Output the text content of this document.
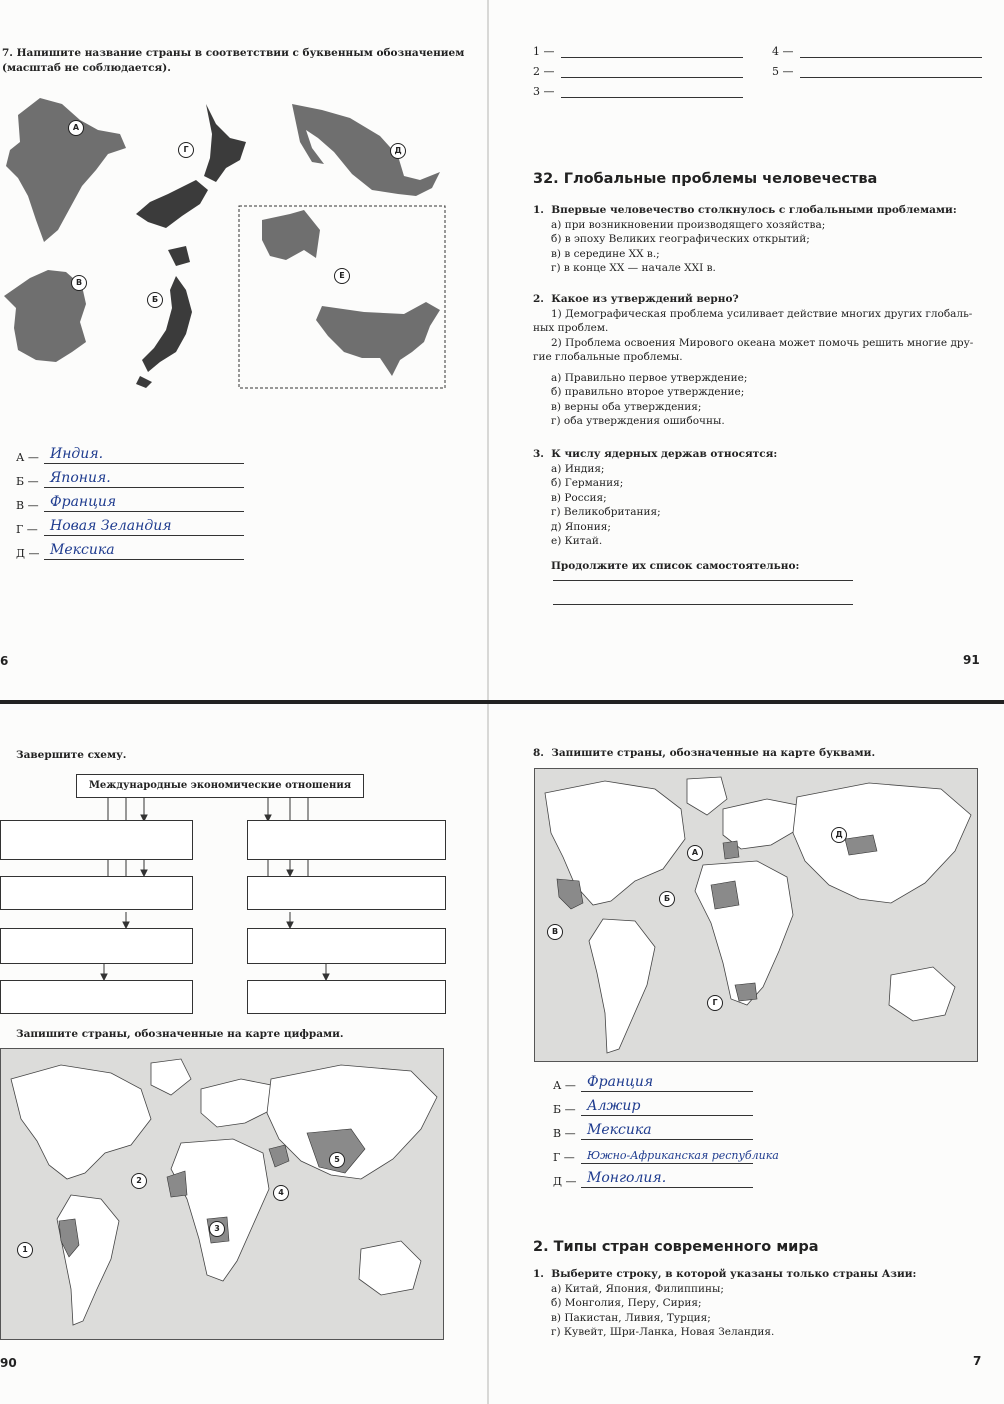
7. Напишите название страны в соответствии с буквенным обозначением (масштаб не соблюдается).
А
Г	Д
В
Б
Е
А — Индия.
Б — Япония.
В — Франция
Г — Новая Зеландия
Д — Мексика
6
1 —
2 —
3 —
4 —
5 —
32. Глобальные проблемы человечества
1. Впервые человечество столкнулось с глобальными проблемами:
а) при возникновении производящего хозяйства;
б) в эпоху Великих географических открытий;
в) в середине XX в.;
г) в конце XX — начале XXI в.
2. Какое из утверждений верно?
1) Демографическая проблема усиливает действие многих других глобаль-
ных проблем.
2) Проблема освоения Мирового океана может помочь решить многие дру-
гие глобальные проблемы.
а) Правильно первое утверждение;
б) правильно второе утверждение;
в) верны оба утверждения;
г) оба утверждения ошибочны.
3. К числу ядерных держав относятся:
а) Индия;
б) Германия;
в) Россия;
г) Великобритания;
д) Япония;
е) Китай.
Продолжите их список самостоятельно:
91
Завершите схему.
Международные экономические отношения
Запишите страны, обозначенные на карте цифрами.
1
2
3
4
5
90
8. Запишите страны, обозначенные на карте буквами.
А
Б
В
Г
Д
А — Франция
Б — Алжир
В — Мексика
Г —	Южно-Африканская республика
Д — Монголия.
2. Типы стран современного мира
1. Выберите строку, в которой указаны только страны Азии:
а) Китай, Япония, Филиппины;
б) Монголия, Перу, Сирия;
в) Пакистан, Ливия, Турция;
г) Кувейт, Шри-Ланка, Новая Зеландия.
7
